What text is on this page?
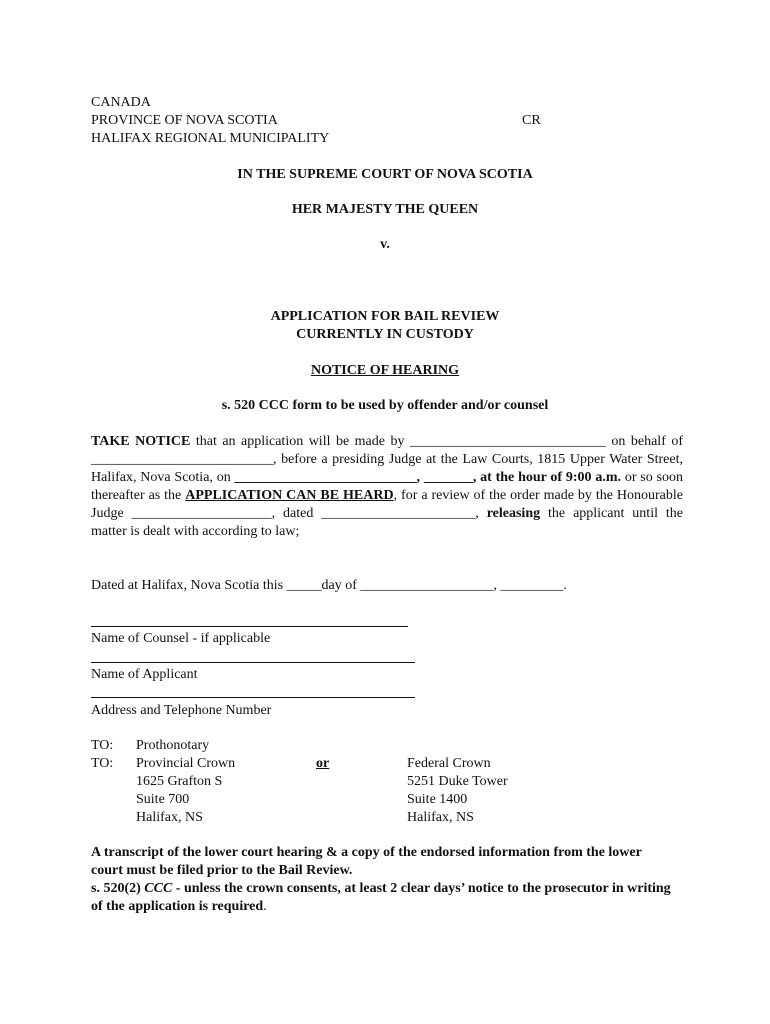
CANADA
PROVINCE OF NOVA SCOTIA	CR
HALIFAX REGIONAL MUNICIPALITY
IN THE SUPREME COURT OF NOVA SCOTIA
HER MAJESTY THE QUEEN
v.
APPLICATION FOR BAIL REVIEW
CURRENTLY IN CUSTODY
NOTICE OF HEARING
s. 520 CCC form to be used by offender and/or counsel
TAKE NOTICE that an application will be made by ____________________________ on behalf of __________________________, before a presiding Judge at the Law Courts, 1815 Upper Water Street, Halifax, Nova Scotia, on __________________________, _______, at the hour of 9:00 a.m. or so soon thereafter as the APPLICATION CAN BE HEARD, for a review of the order made by the Honourable Judge ____________________, dated ______________________, releasing the applicant until the matter is dealt with according to law;
Dated at Halifax, Nova Scotia this _____day of ___________________, _________.
Name of Counsel - if applicable
Name of Applicant
Address and Telephone Number
TO:
TO:
Prothonotary
Provincial Crown
1625 Grafton S
Suite 700
Halifax, NS
or	Federal Crown
5251 Duke Tower
Suite 1400
Halifax, NS
A transcript of the lower court hearing & a copy of the endorsed information from the lower court must be filed prior to the Bail Review.
s. 520(2) CCC - unless the crown consents, at least 2 clear days’ notice to the prosecutor in writing of the application is required.
